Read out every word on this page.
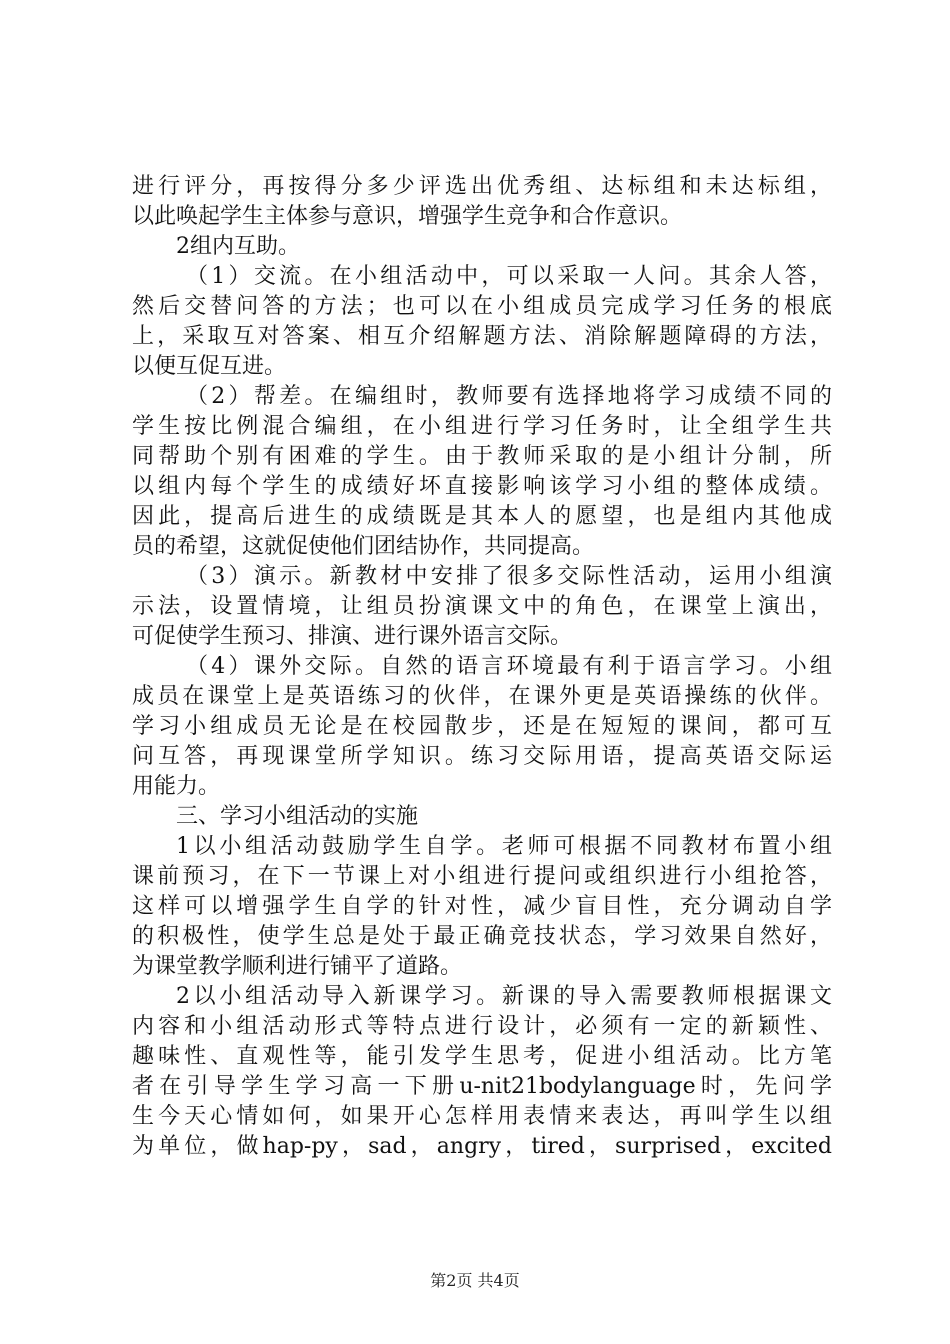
进行评分，再按得分多少评选出优秀组、达标组和未达标组，
以此唤起学生主体参与意识，增强学生竞争和合作意识。
2组内互助。
（1）交流。在小组活动中，可以采取一人问。其余人答，
然后交替问答的方法；也可以在小组成员完成学习任务的根底
上，采取互对答案、相互介绍解题方法、消除解题障碍的方法，
以便互促互进。
（2）帮差。在编组时，教师要有选择地将学习成绩不同的
学生按比例混合编组，在小组进行学习任务时，让全组学生共
同帮助个别有困难的学生。由于教师采取的是小组计分制，所
以组内每个学生的成绩好坏直接影响该学习小组的整体成绩。
因此，提高后进生的成绩既是其本人的愿望，也是组内其他成
员的希望，这就促使他们团结协作，共同提高。
（3）演示。新教材中安排了很多交际性活动，运用小组演
示法，设置情境，让组员扮演课文中的角色，在课堂上演出，
可促使学生预习、排演、进行课外语言交际。
（4）课外交际。自然的语言环境最有利于语言学习。小组
成员在课堂上是英语练习的伙伴，在课外更是英语操练的伙伴。
学习小组成员无论是在校园散步，还是在短短的课间，都可互
问互答，再现课堂所学知识。练习交际用语，提高英语交际运
用能力。
三、学习小组活动的实施
1以小组活动鼓励学生自学。老师可根据不同教材布置小组
课前预习，在下一节课上对小组进行提问或组织进行小组抢答，
这样可以增强学生自学的针对性，减少盲目性，充分调动自学
的积极性，使学生总是处于最正确竞技状态，学习效果自然好，
为课堂教学顺利进行铺平了道路。
2以小组活动导入新课学习。新课的导入需要教师根据课文
内容和小组活动形式等特点进行设计，必须有一定的新颖性、
趣味性、直观性等，能引发学生思考，促进小组活动。比方笔
者在引导学生学习高一下册u-nit21bodylanguage时，先问学
生今天心情如何，如果开心怎样用表情来表达，再叫学生以组
为单位，做hap-py，sad，angry，tired，surprised，excited
第2页 共4页
